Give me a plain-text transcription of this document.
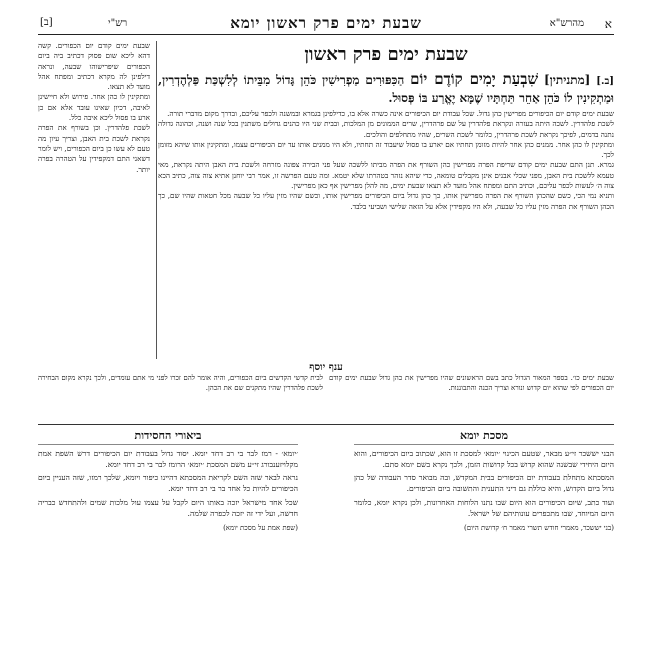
[ב]	רש"י	שבעת ימים פרק ראשון יומא	מהרש"א א
שבעת ימים פרק ראשון
[ב.] [מתניתין] שִׁבְעַת יָמִים קוֹדֶם יוֹם הַכִּפּוּרִים מַפְרִישִׁין כֹּהֵן גָּדוֹל מִבֵּיתוֹ לְלִשְׁכַּת פַּלְהֶדְרִין, וּמַתְקִינִין לוֹ כֹּהֵן אַחֵר תַּחְתָּיו שֶׁמָּא יֶאֱרַע בּוֹ פְּסוּל.

שבעת ימים קודם יום הכיפורים מפרישין כהן גדול. שכל עבודת יום הכיפורים אינה כשרה אלא בו, כדילפינן בגמרא ובמשנה ולכפר עליכם, ובדרך מקום מדברי תורה.

לשכת פלהדרין. לשכה היתה בעזרה ונקראת פלהדרין על שם פרהדרין, שרים הממונים מן המלכות, ובבית שני היו כהנים גדולים משתנין בכל שנה ושנה, וכהונה גדולה נתנה בדמים, לפיכך נקראת לשכת פרהדרין, כלומר לשכת השרים, שהיו מתחלפים והולכים.

ומתקינין לו כהן אחר. ממנים כהן אחר להיות מזומן תחתיו אם יארע בו פסול שיעבוד זה תחתיו, ולא היו ממנים אותו עד יום הכיפורים עצמו, ומתקינין אותו שיהא מזומן לכך.

גמרא. תנן התם שבעת ימים קודם שריפת הפרה מפרישין כהן השורף את הפרה מביתו ללשכה שעל פני הבירה צפונה מזרחה ולשכת בית האבן היתה נקראת, מאי טעמא ללשכת בית האבן, מפני שכלי אבנים אינן מקבלים טומאה, כדי שיהא נזהר בטהרתו שלא יטמא. ומה טעם הפרשה זו, אמר רבי יוחנן אתיא צוה צוה, כתיב הכא צוה ה׳ לעשות לכפר עליכם, וכתיב התם ומפתח אהל מועד לא תצאו שבעת ימים, מה להלן מפרישין אף כאן מפרישין.

ותניא נמי הכי, כשם שהכהן השורף את הפרה מפרישין אותו, כך כהן גדול ביום הכיפורים מפרישין אותו, וכשם שהיו מזין עליו כל שבעה מכל חטאות שהיו שם, כך הכהן השורף את הפרה מזין עליו כל שבעה, ולא היו מקפידין אלא על הזאה שלישי ושביעי בלבד.

שבעת ימים קודם יום הכפורים. קשה דהא ליכא שום פסוק דכתיב ביה ביום הכפורים שיפרישוהו שבעה, ונראה דילפינן לה מקרא דכתיב ומפתח אהל מועד לא תצאו.

ומתקינין לו כהן אחר. פירוש ולא חיישינן לאיבה, דכיון שאינו עובד אלא אם כן ארע בו פסול ליכא איבה כלל.

לשכת פלהדרין. וכן בשורף את הפרה נקראת לשכת בית האבן, וצריך עיון מה טעם לא עשו כן ביום הכפורים, ויש לומר דשאני התם דמקפידין על הטהרה בפרה יותר.

ענף יוסף

שבעת ימים כו׳. בספר המאור הגדול כתב בשם הראשונים שהיו מפרישין את כהן גדול שבעת ימים קודם יום הכפורים לפי שהוא יום קדוש ונורא וצריך הכנה והתבוננות.

לבית קדשי הקדשים ביום הכפורים, והיה אומר להם זכרו לפני מי אתם עומדים, ולכך נקרא מקום הבחירה לשכת פלהדרין שהיו מתקנים שם את הכהן.

מסכת יומא

הבני יששכר זי״ע מבאר, שטעם הכינוי ׳יומא׳ למסכת זו הוא, שכתוב ביום הכיפורים, והוא היום היחידי שבשנה שהוא קדוש בכל קדושות הזמן, ולכך נקרא בשם יומא סתם.

המסכתא מתחלת בעבודת יום הכיפורים בבית המקדש, ובה מבואר סדר העבודה של כהן גדול ביום הקדוש, והיא כוללת גם דיני התענית והתשובה ביום הכיפורים.

ועוד כתב, שיום הכיפורים הוא היום שבו נתנו הלוחות האחרונות, ולכן נקרא יומא, כלומר היום המיוחד, שבו מתכפרים עונותיהם של ישראל.

(בני יששכר, מאמרי חודש תשרי מאמר ח׳ קדושת היום)

ביאורי החסידות

׳יומא׳ - רמז לבר בי רב דחד יומא. יסוד גדול בעבודת יום הכיפורים דרש השפת אמת מקלויזענבורג זי״ע משם המסכת ׳יומא׳ הרומז לבר בי רב דחד יומא.

נראה לבאר שזה השם לקריאת המסכתא דהיינו כיפור ויומא, שלכך רמזו, שזה העניין ביום הכיפורים להיות כל אחד בר בי רב דחד יומא.

שכל אחד מישראל יזכה באותו היום לקבל על עצמו עול מלכות שמים ולהתחדש כבריה חדשה, ועל ידי זה יזכה לכפרה שלמה.

(שפת אמת על מסכת יומא)
